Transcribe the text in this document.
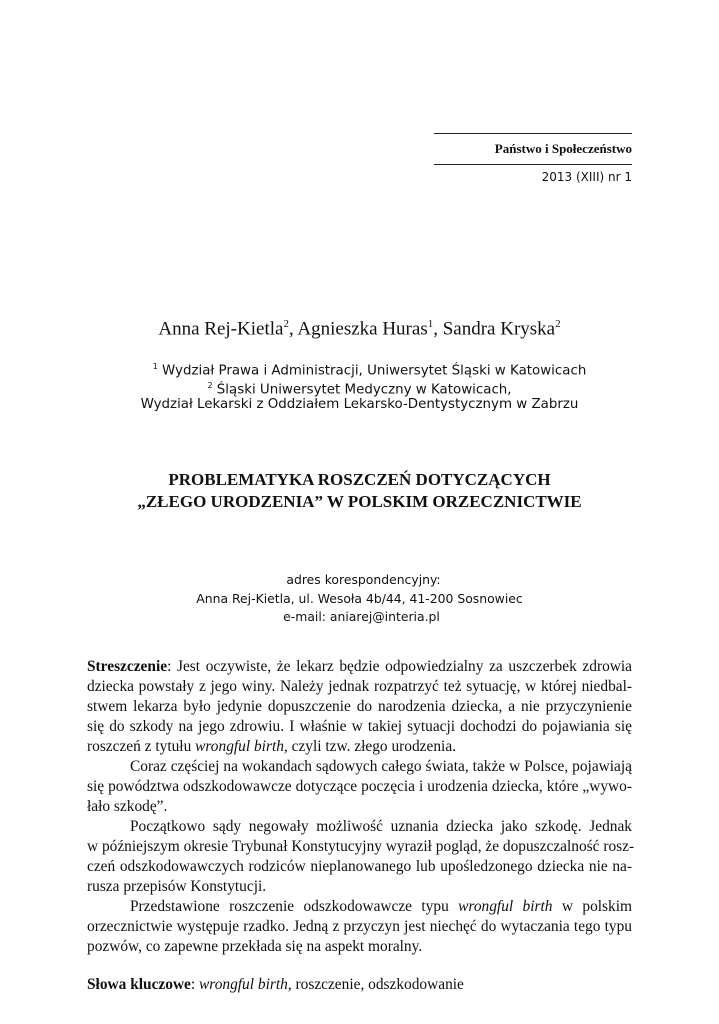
Państwo i Społeczeństwo
2013 (XIII) nr 1
Anna Rej-Kietla$^2$, Agnieszka Huras$^1$, Sandra Kryska$^2$
$^1$ Wydział Prawa i Administracji, Uniwersytet Śląski w Katowicach
$^2$ Śląski Uniwersytet Medyczny w Katowicach,
Wydział Lekarski z Oddziałem Lekarsko-Dentystycznym w Zabrzu
PROBLEMATYKA ROSZCZEŃ DOTYCZĄCYCH
„ZŁEGO URODZENIA” W POLSKIM ORZECZNICTWIE
adres korespondencyjny:
Anna Rej-Kietla, ul. Wesoła 4b/44, 41-200 Sosnowiec
e-mail: aniarej@interia.pl
Streszczenie: Jest oczywiste, że lekarz będzie odpowiedzialny za uszczerbek zdrowia
dziecka powstały z jego winy. Należy jednak rozpatrzyć też sytuację, w której niedbal-
stwem lekarza było jedynie dopuszczenie do narodzenia dziecka, a nie przyczynienie
się do szkody na jego zdrowiu. I właśnie w takiej sytuacji dochodzi do pojawiania się
roszczeń z tytułu wrongful birth, czyli tzw. złego urodzenia.
Coraz częściej na wokandach sądowych całego świata, także w Polsce, pojawiają
się powództwa odszkodowawcze dotyczące poczęcia i urodzenia dziecka, które „wywo-
łało szkodę”.
Początkowo sądy negowały możliwość uznania dziecka jako szkodę. Jednak
w późniejszym okresie Trybunał Konstytucyjny wyraził pogląd, że dopuszczalność rosz-
czeń odszkodowawczych rodziców nieplanowanego lub upośledzonego dziecka nie na-
rusza przepisów Konstytucji.
Przedstawione roszczenie odszkodowawcze typu wrongful birth w polskim
orzecznictwie występuje rzadko. Jedną z przyczyn jest niechęć do wytaczania tego typu
pozwów, co zapewne przekłada się na aspekt moralny.
Słowa kluczowe: wrongful birth, roszczenie, odszkodowanie
